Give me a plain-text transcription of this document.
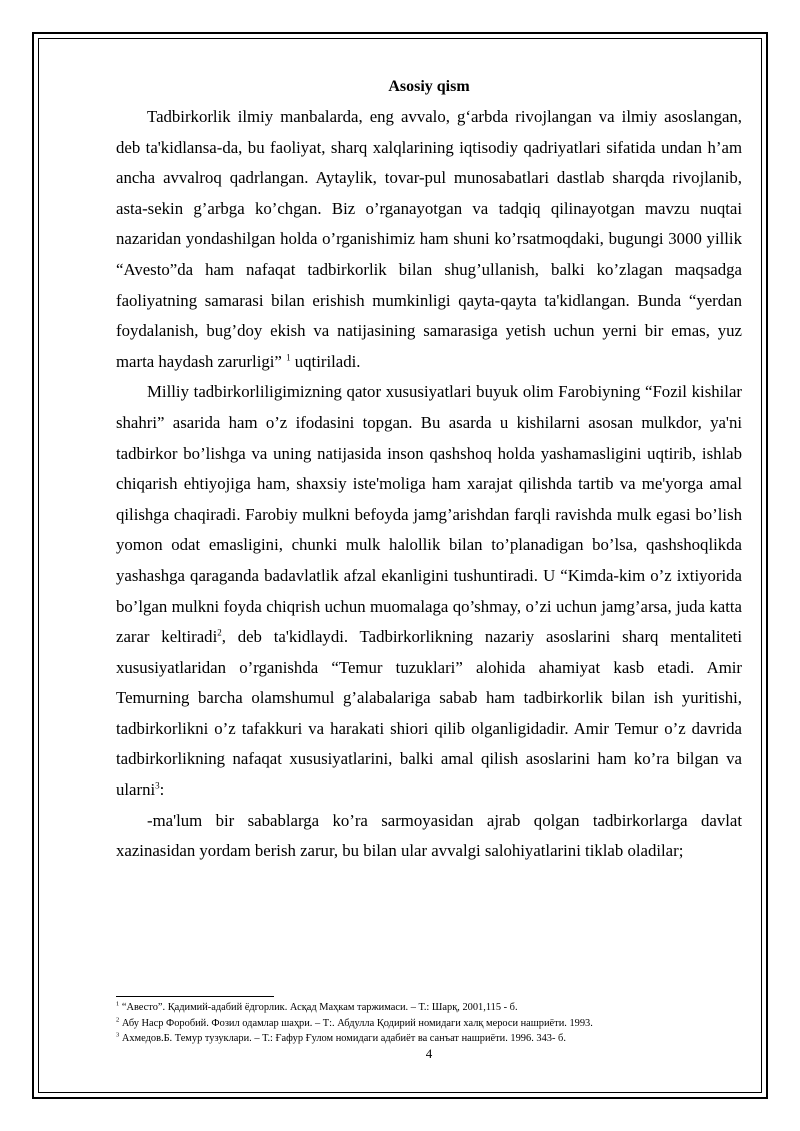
Asosiy qism

Tadbirkorlik ilmiy manbalarda, eng avvalo, g‘arbda rivojlangan va ilmiy asoslangan, deb ta'kidlansa-da, bu faoliyat, sharq xalqlarining iqtisodiy qadriyatlari sifatida undan h’am ancha avvalroq qadrlangan. Aytaylik, tovar-pul munosabatlari dastlab sharqda rivojlanib, asta-sekin g’arbga ko’chgan. Biz o’rganayotgan va tadqiq qilinayotgan mavzu nuqtai nazaridan yondashilgan holda o’rganishimiz ham shuni ko’rsatmoqdaki, bugungi 3000 yillik “Avesto”da ham nafaqat tadbirkorlik bilan shug’ullanish, balki ko’zlagan maqsadga faoliyatning samarasi bilan erishish mumkinligi qayta-qayta ta'kidlangan. Bunda “yerdan foydalanish, bug’doy ekish va natijasining samarasiga yetish uchun yerni bir emas, yuz marta haydash zarurligi” $^1$ uqtiriladi.

Milliy tadbirkorliligimizning qator xususiyatlari buyuk olim Farobiyning “Fozil kishilar shahri” asarida ham o’z ifodasini topgan. Bu asarda u kishilarni asosan mulkdor, ya'ni tadbirkor bo’lishga va uning natijasida inson qashshoq holda yashamasligini uqtirib, ishlab chiqarish ehtiyojiga ham, shaxsiy iste'moliga ham xarajat qilishda tartib va me'yorga amal qilishga chaqiradi. Farobiy mulkni befoyda jamg’arishdan farqli ravishda mulk egasi bo’lish yomon odat emasligini, chunki mulk halollik bilan to’planadigan bo’lsa, qashshoqlikda yashashga qaraganda badavlatlik afzal ekanligini tushuntiradi. U “Kimda-kim o’z ixtiyorida bo’lgan mulkni foyda chiqrish uchun muomalaga qo’shmay, o’zi uchun jamg’arsa, juda katta zarar keltiradi$^2$, deb ta'kidlaydi. Tadbirkorlikning nazariy asoslarini sharq mentaliteti xususiyatlaridan o’rganishda “Temur tuzuklari” alohida ahamiyat kasb etadi. Amir Temurning barcha olamshumul g’alabalariga sabab ham tadbirkorlik bilan ish yuritishi, tadbirkorlikni o’z tafakkuri va harakati shiori qilib olganligidadir. Amir Temur o’z davrida tadbirkorlikning nafaqat xususiyatlarini, balki amal qilish asoslarini ham ko’ra bilgan va ularni$^3$:

-ma'lum bir sabablarga ko’ra sarmoyasidan ajrab qolgan tadbirkorlarga davlat xazinasidan yordam berish zarur, bu bilan ular avvalgi salohiyatlarini tiklab oladilar;

$^1$ “Авесто”. Қадимий-адабий ёдгорлик. Асқад Маҳкам таржимаси. – Т.: Шарқ, 2001,115 - б.

$^2$ Абу Наср Форобий. Фозил одамлар шаҳри. – Т:. Абдулла Қодирий номидаги халқ мероси нашриёти. 1993.

$^3$ Ахмедов.Б. Темур тузуклари. – Т.: Ғафур Ғулом номидаги адабиёт ва санъат нашриёти. 1996. 343- б.

4
